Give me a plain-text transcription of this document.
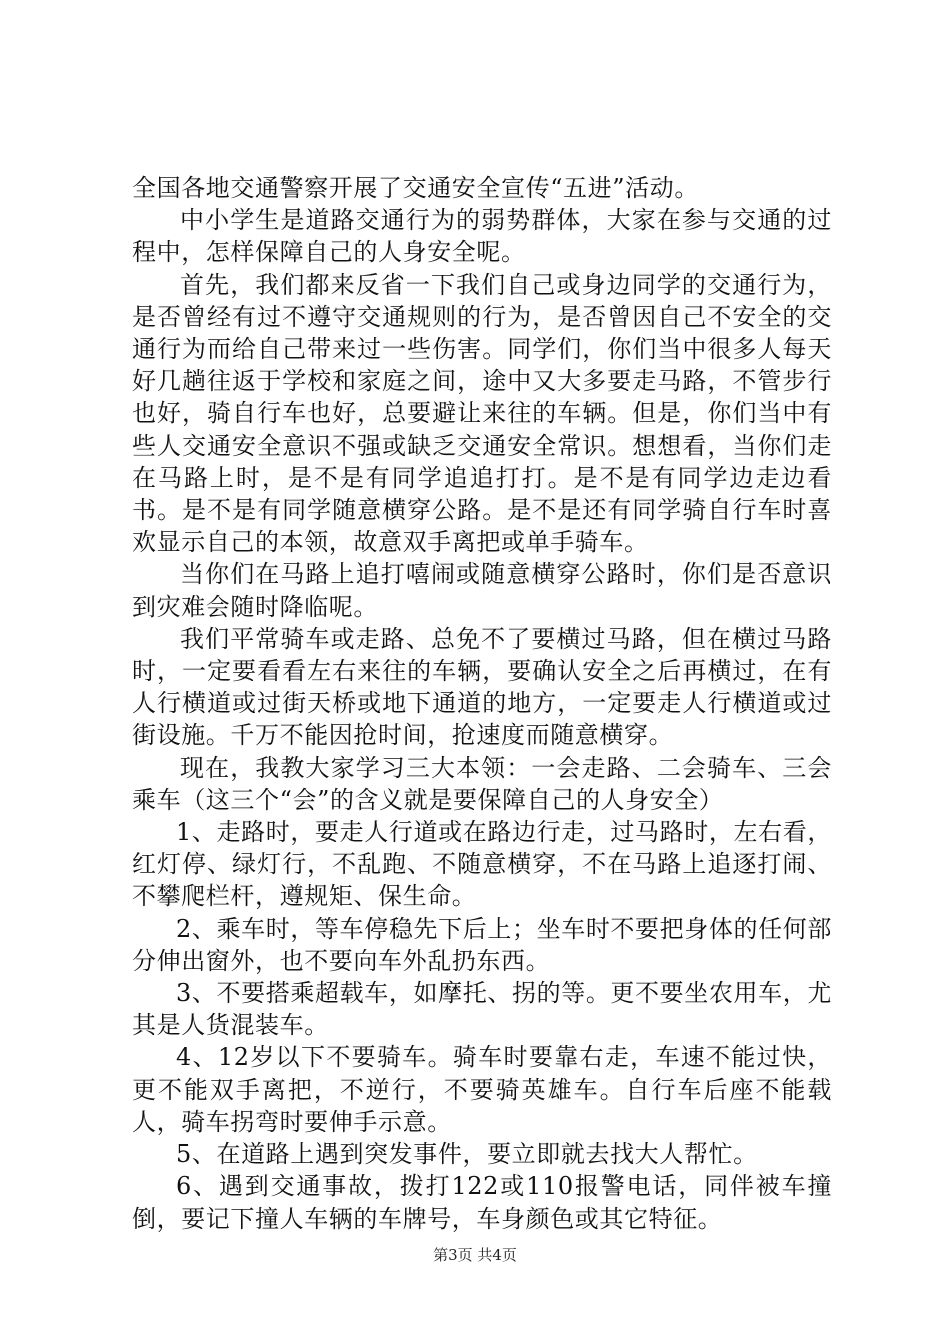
全国各地交通警察开展了交通安全宣传“五进”活动。

中小学生是道路交通行为的弱势群体，大家在参与交通的过程中，怎样保障自己的人身安全呢。

首先，我们都来反省一下我们自己或身边同学的交通行为，是否曾经有过不遵守交通规则的行为，是否曾因自己不安全的交通行为而给自己带来过一些伤害。同学们，你们当中很多人每天好几趟往返于学校和家庭之间，途中又大多要走马路，不管步行也好，骑自行车也好，总要避让来往的车辆。但是，你们当中有些人交通安全意识不强或缺乏交通安全常识。想想看，当你们走在马路上时，是不是有同学追追打打。是不是有同学边走边看书。是不是有同学随意横穿公路。是不是还有同学骑自行车时喜欢显示自己的本领，故意双手离把或单手骑车。

当你们在马路上追打嘻闹或随意横穿公路时，你们是否意识到灾难会随时降临呢。

我们平常骑车或走路、总免不了要横过马路，但在横过马路时，一定要看看左右来往的车辆，要确认安全之后再横过，在有人行横道或过街天桥或地下通道的地方，一定要走人行横道或过街设施。千万不能因抢时间，抢速度而随意横穿。

现在，我教大家学习三大本领：一会走路、二会骑车、三会乘车（这三个“会”的含义就是要保障自己的人身安全）

1、走路时，要走人行道或在路边行走，过马路时，左右看，红灯停、绿灯行，不乱跑、不随意横穿，不在马路上追逐打闹、不攀爬栏杆，遵规矩、保生命。

2、乘车时，等车停稳先下后上；坐车时不要把身体的任何部分伸出窗外，也不要向车外乱扔东西。

3、不要搭乘超载车，如摩托、拐的等。更不要坐农用车，尤其是人货混装车。

4、12岁以下不要骑车。骑车时要靠右走，车速不能过快，更不能双手离把，不逆行，不要骑英雄车。自行车后座不能载人，骑车拐弯时要伸手示意。

5、在道路上遇到突发事件，要立即就去找大人帮忙。

6、遇到交通事故，拨打122或110报警电话，同伴被车撞倒，要记下撞人车辆的车牌号，车身颜色或其它特征。

第3页 共4页
